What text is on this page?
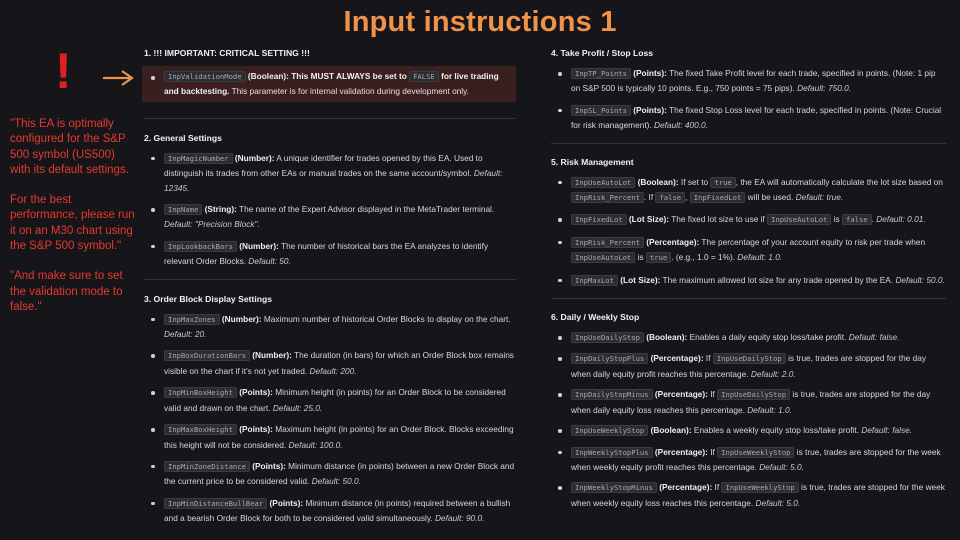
Input instructions 1
!

"This EA is optimally configured for the S&P 500 symbol (US500) with its default settings.

For the best performance, please run it on an M30 chart using the S&P 500 symbol."

"And make sure to set the validation mode to false."

1. !!! IMPORTANT: CRITICAL SETTING !!!
InpValidationMode (Boolean): This MUST ALWAYS be set to FALSE for live trading and backtesting. This parameter is for internal validation during development only.
2. General Settings
InpMagicNumber (Number): A unique identifier for trades opened by this EA. Used to distinguish its trades from other EAs or manual trades on the same account/symbol. Default: 12345.
InpName (String): The name of the Expert Advisor displayed in the MetaTrader terminal. Default: "Precision Block".
InpLookbackBars (Number): The number of historical bars the EA analyzes to identify relevant Order Blocks. Default: 50.
3. Order Block Display Settings
InpMaxZones (Number): Maximum number of historical Order Blocks to display on the chart. Default: 20.
InpBoxDurationBars (Number): The duration (in bars) for which an Order Block box remains visible on the chart if it's not yet traded. Default: 200.
InpMinBoxHeight (Points): Minimum height (in points) for an Order Block to be considered valid and drawn on the chart. Default: 25.0.
InpMaxBoxHeight (Points): Maximum height (in points) for an Order Block. Blocks exceeding this height will not be considered. Default: 100.0.
InpMinZoneDistance (Points): Minimum distance (in points) between a new Order Block and the current price to be considered valid. Default: 50.0.
InpMinDistanceBullBear (Points): Minimum distance (in points) required between a bullish and a bearish Order Block for both to be considered valid simultaneously. Default: 90.0.
4. Take Profit / Stop Loss
InpTP_Points (Points): The fixed Take Profit level for each trade, specified in points. (Note: 1 pip on S&P 500 is typically 10 points. E.g., 750 points = 75 pips). Default: 750.0.
InpSL_Points (Points): The fixed Stop Loss level for each trade, specified in points. (Note: Crucial for risk management). Default: 400.0.
5. Risk Management
InpUseAutoLot (Boolean): If set to true , the EA will automatically calculate the lot size based on InpRisk_Percent . If false , InpFixedLot will be used. Default: true.
InpFixedLot (Lot Size): The fixed lot size to use if InpUseAutoLot is false . Default: 0.01.
InpRisk_Percent (Percentage): The percentage of your account equity to risk per trade when InpUseAutoLot is true . (e.g., 1.0 = 1%). Default: 1.0.
InpMaxLot (Lot Size): The maximum allowed lot size for any trade opened by the EA. Default: 50.0.
6. Daily / Weekly Stop
InpUseDailyStop (Boolean): Enables a daily equity stop loss/take profit. Default: false.
InpDailyStopPlus (Percentage): If InpUseDailyStop is true, trades are stopped for the day when daily equity profit reaches this percentage. Default: 2.0.
InpDailyStopMinus (Percentage): If InpUseDailyStop is true, trades are stopped for the day when daily equity loss reaches this percentage. Default: 1.0.
InpUseWeeklyStop (Boolean): Enables a weekly equity stop loss/take profit. Default: false.
InpWeeklyStopPlus (Percentage): If InpUseWeeklyStop is true, trades are stopped for the week when weekly equity profit reaches this percentage. Default: 5.0.
InpWeeklyStopMinus (Percentage): If InpUseWeeklyStop is true, trades are stopped for the week when weekly equity loss reaches this percentage. Default: 5.0.
